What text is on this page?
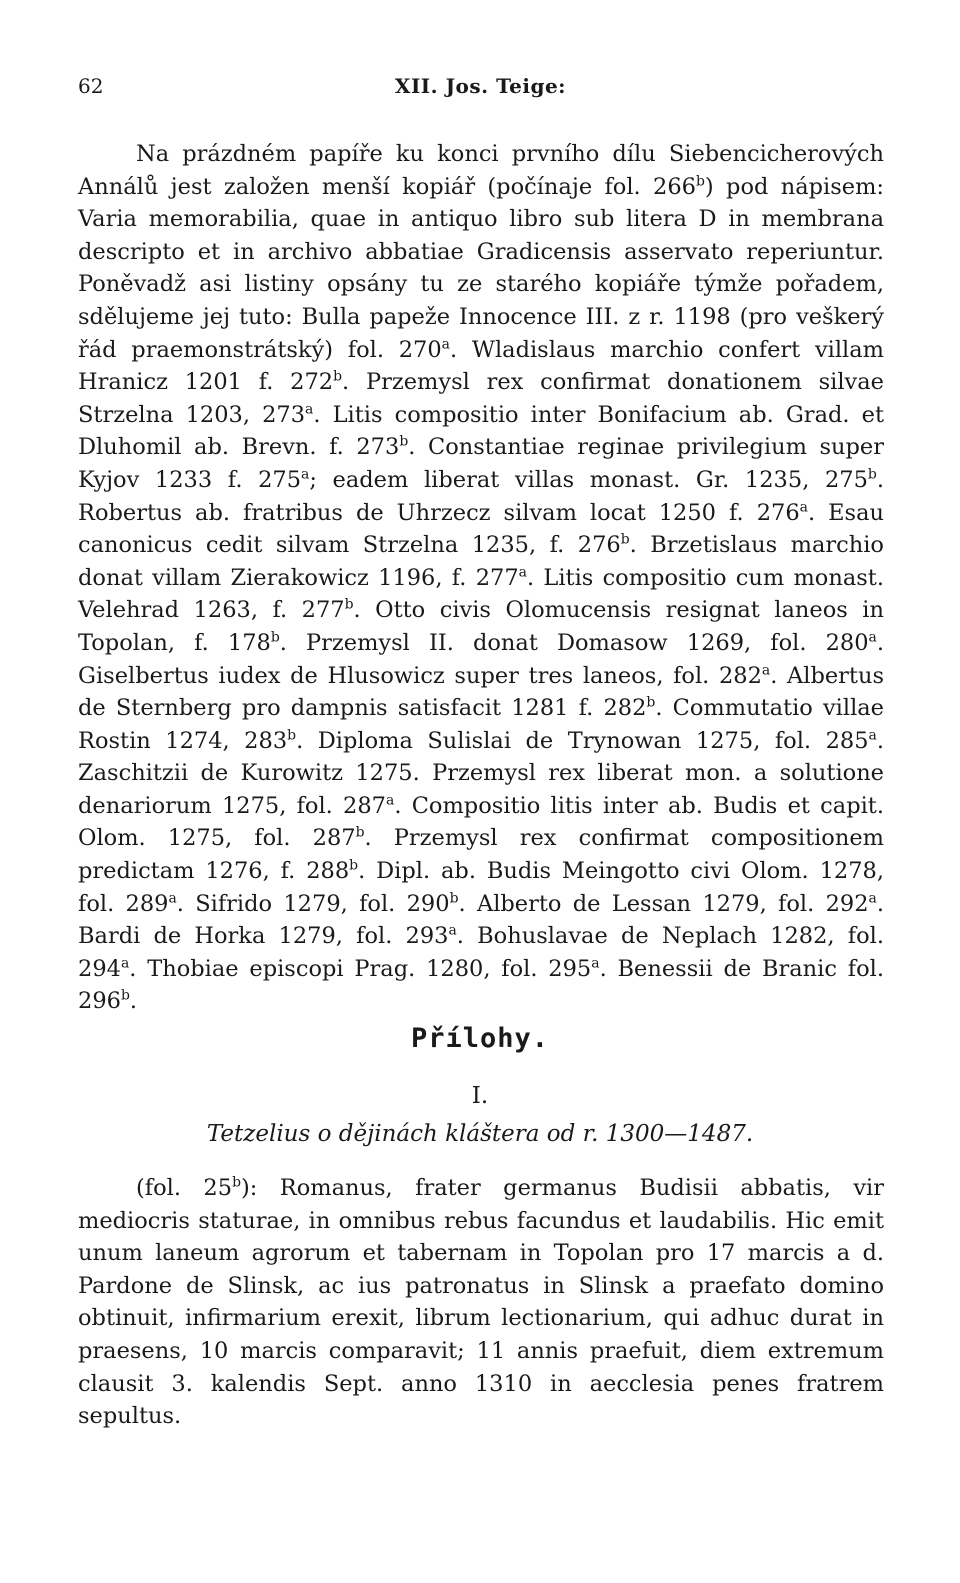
62	XII. Jos. Teige:

Na prázdném papíře ku konci prvního dílu Siebencicherových Annálů jest založen menší kopiář (počínaje fol. 266$^b$) pod nápisem: Varia memorabilia, quae in antiquo libro sub litera D in membrana descripto et in archivo abbatiae Gradicensis asservato reperiuntur. Poněvadž asi listiny opsány tu ze starého kopiáře týmže pořadem, sdělujeme jej tuto: Bulla papeže Innocence III. z r. 1198 (pro veškerý řád praemonstrátský) fol. 270$^a$. Wladislaus marchio confert villam Hranicz 1201 f. 272$^b$. Przemysl rex confirmat donationem silvae Strzelna 1203, 273$^a$. Litis compositio inter Bonifacium ab. Grad. et Dluhomil ab. Brevn. f. 273$^b$. Constantiae reginae privilegium super Kyjov 1233 f. 275$^a$; eadem liberat villas monast. Gr. 1235, 275$^b$. Robertus ab. fratribus de Uhrzecz silvam locat 1250 f. 276$^a$. Esau canonicus cedit silvam Strzelna 1235, f. 276$^b$. Brzetislaus marchio donat villam Zierakowicz 1196, f. 277$^a$. Litis compositio cum monast. Velehrad 1263, f. 277$^b$. Otto civis Olomucensis resignat laneos in Topolan, f. 178$^b$. Przemysl II. donat Domasow 1269, fol. 280$^a$. Giselbertus iudex de Hlusowicz super tres laneos, fol. 282$^a$. Albertus de Sternberg pro dampnis satisfacit 1281 f. 282$^b$. Commutatio villae Rostin 1274, 283$^b$. Diploma Sulislai de Trynowan 1275, fol. 285$^a$. Zaschitzii de Kurowitz 1275. Przemysl rex liberat mon. a solutione denariorum 1275, fol. 287$^a$. Compositio litis inter ab. Budis et capit. Olom. 1275, fol. 287$^b$. Przemysl rex confirmat compositionem predictam 1276, f. 288$^b$. Dipl. ab. Budis Meingotto civi Olom. 1278, fol. 289$^a$. Sifrido 1279, fol. 290$^b$. Alberto de Lessan 1279, fol. 292$^a$. Bardi de Horka 1279, fol. 293$^a$. Bohuslavae de Neplach 1282, fol. 294$^a$. Thobiae episcopi Prag. 1280, fol. 295$^a$. Benessii de Branic fol. 296$^b$.

Přílohy.
I.
Tetzelius o dějinách kláštera od r. 1300—1487.

(fol. 25$^b$): Romanus, frater germanus Budisii abbatis, vir mediocris staturae, in omnibus rebus facundus et laudabilis. Hic emit unum laneum agrorum et tabernam in Topolan pro 17 marcis a d. Pardone de Slinsk, ac ius patronatus in Slinsk a praefato domino obtinuit, infirmarium erexit, librum lectionarium, qui adhuc durat in praesens, 10 marcis comparavit; 11 annis praefuit, diem extremum clausit 3. kalendis Sept. anno 1310 in aecclesia penes fratrem sepultus.
